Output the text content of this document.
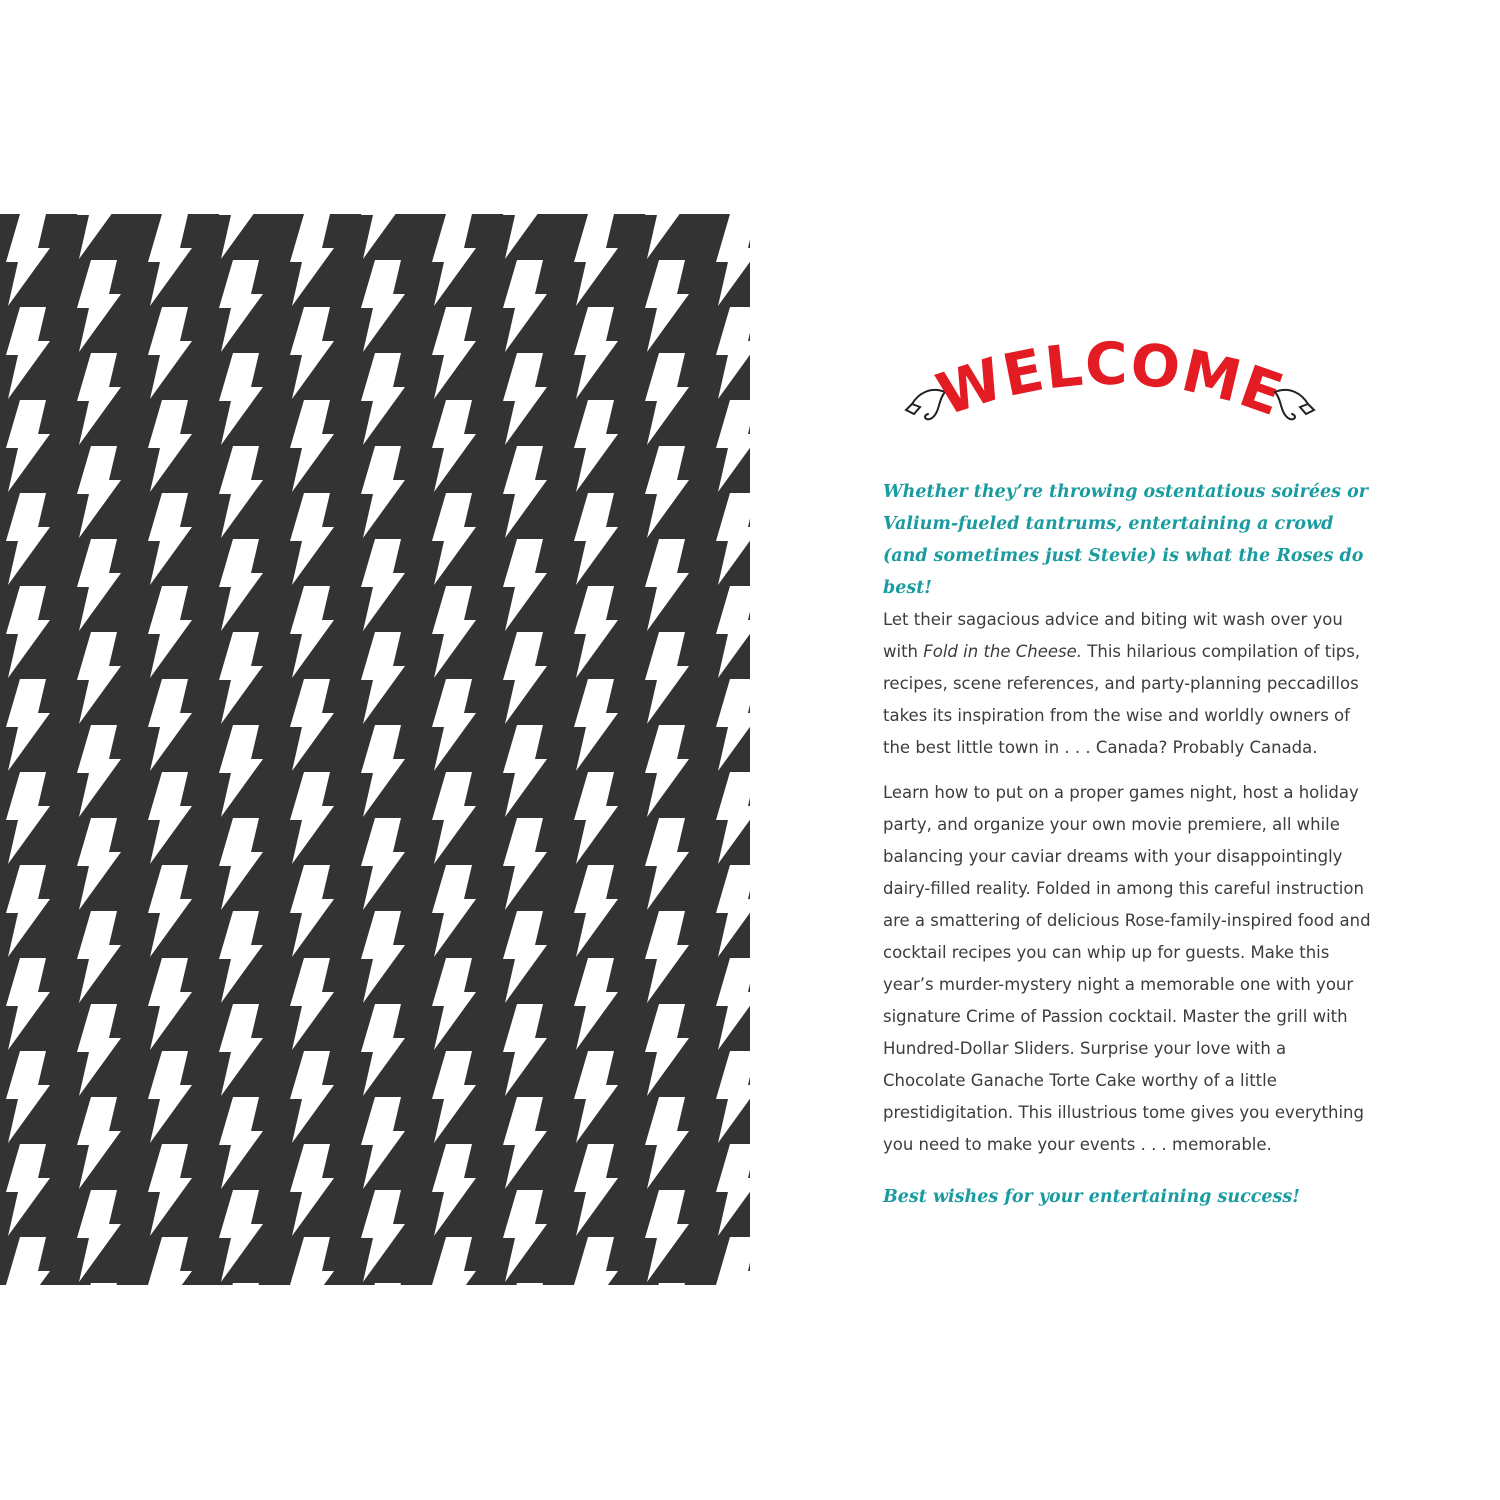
WELCOME

Whether they’re throwing ostentatious soirées or Valium-fueled tantrums, entertaining a crowd (and sometimes just Stevie) is what the Roses do best!

Let their sagacious advice and biting wit wash over you with Fold in the Cheese. This hilarious compilation of tips, recipes, scene references, and party-planning peccadillos takes its inspiration from the wise and worldly owners of the best little town in . . . Canada? Probably Canada.

Learn how to put on a proper games night, host a holiday party, and organize your own movie premiere, all while balancing your caviar dreams with your disappointingly dairy-filled reality. Folded in among this careful instruction are a smattering of delicious Rose-family-inspired food and cocktail recipes you can whip up for guests. Make this year’s murder-mystery night a memorable one with your signature Crime of Passion cocktail. Master the grill with Hundred-Dollar Sliders. Surprise your love with a Chocolate Ganache Torte Cake worthy of a little prestidigitation. This illustrious tome gives you everything you need to make your events . . . memorable.

Best wishes for your entertaining success!
